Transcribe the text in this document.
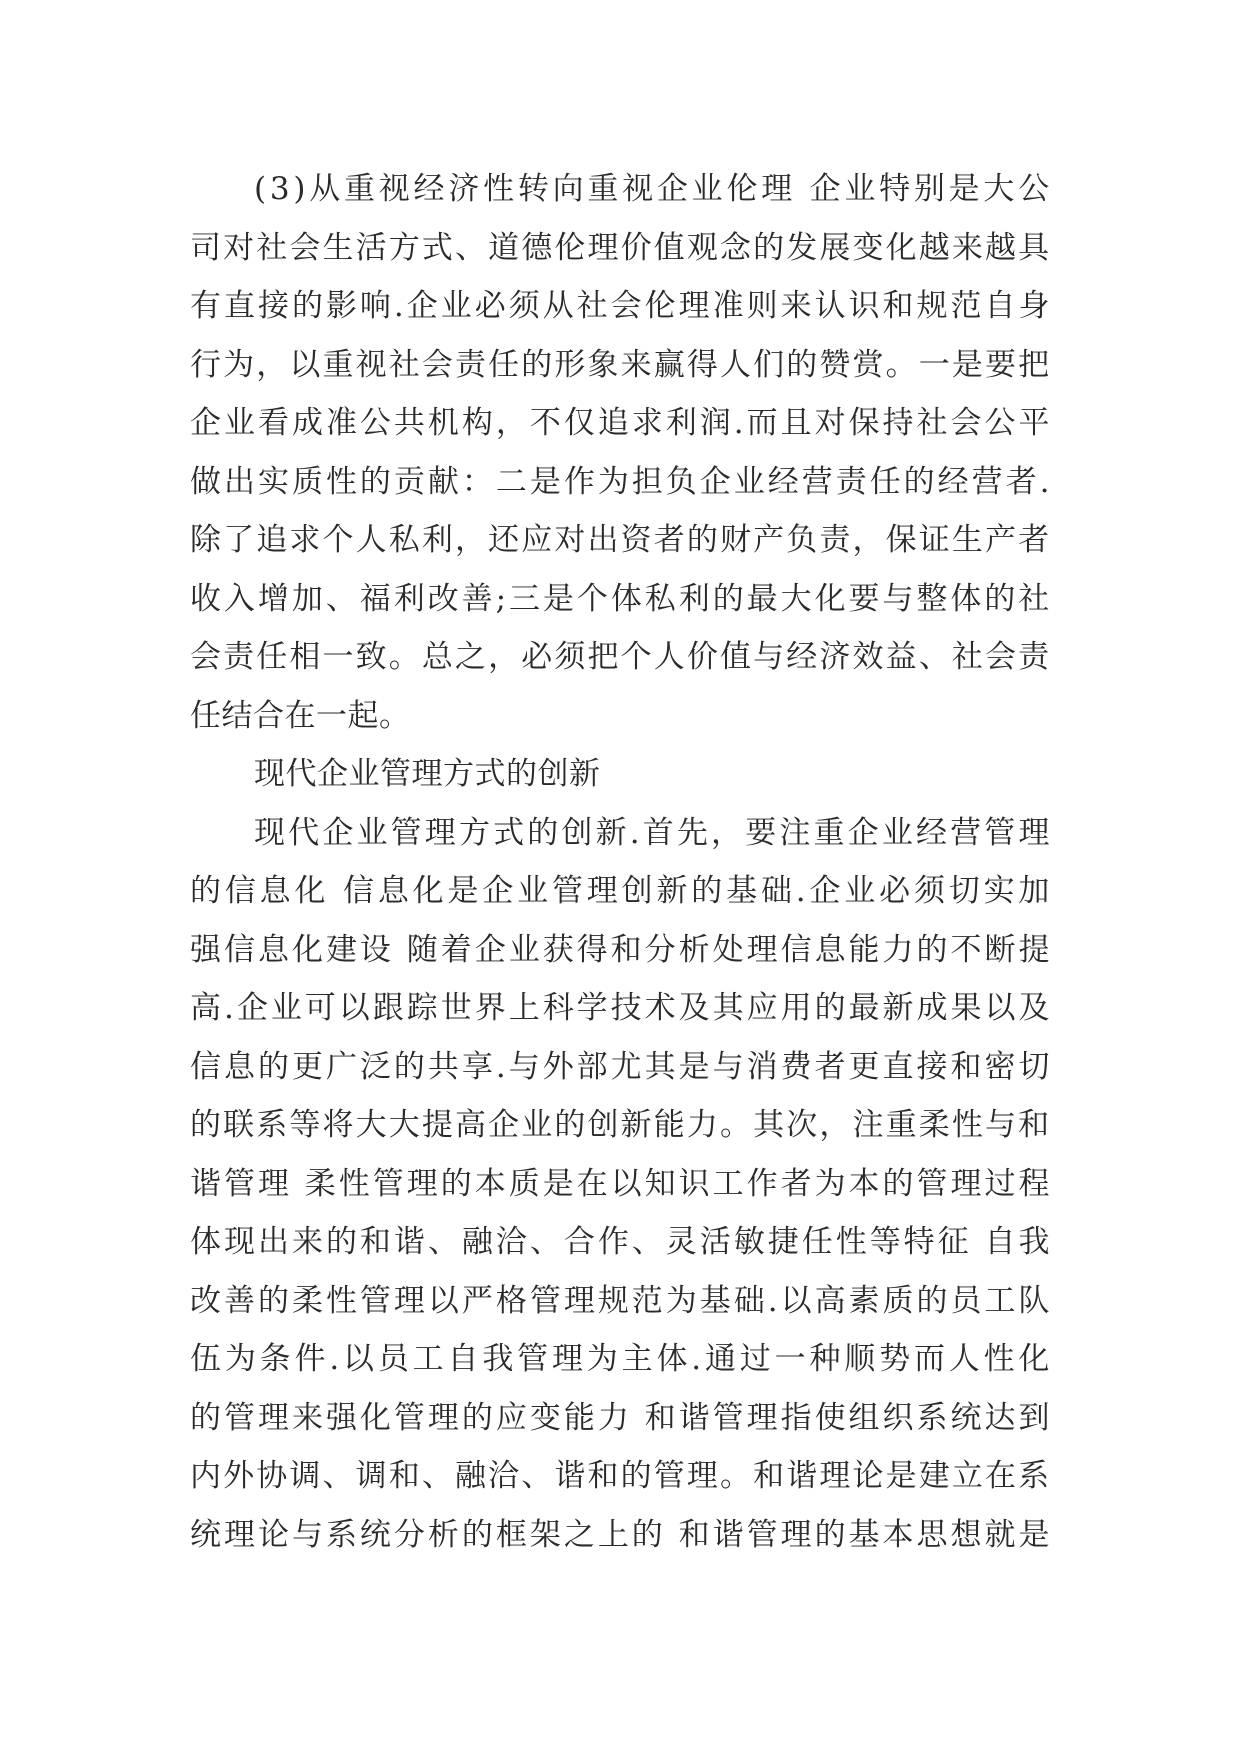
( 3 ) 从 重 视 经 济 性 转 向 重 视 企 业 伦 理
企 业 特 别 是 大 公
司 对 社 会 生 活 方 式 、 道 德 伦 理 价 值 观 念 的 发 展 变 化 越 来 越 具
有 直 接 的 影 响 . 企 业 必 须 从 社 会 伦 理 准 则 来 认 识 和 规 范 自 身
行 为 ， 以 重 视 社 会 责 任 的 形 象 来 赢 得 人 们 的 赞 赏 。 一 是 要 把
企 业 看 成 准 公 共 机 构 ， 不 仅 追 求 利 润 . 而 且 对 保 持 社 会 公 平
做 出 实 质 性 的 贡 献 ： 二 是 作 为 担 负 企 业 经 营 责 任 的 经 营 者 .
除 了 追 求 个 人 私 利 ， 还 应 对 出 资 者 的 财 产 负 责 ， 保 证 生 产 者
收 入 增 加 、 福 利 改 善 ; 三 是 个 体 私 利 的 最 大 化 要 与 整 体 的 社
会 责 任 相 一 致 。 总 之 ， 必 须 把 个 人 价 值 与 经 济 效 益 、 社 会 责
任结合在一起。
现代企业管理方式的创新
现 代 企 业 管 理 方 式 的 创 新 . 首 先 ， 要 注 重 企 业 经 营 管 理
的 信 息 化
信 息 化 是 企 业 管 理 创 新 的 基 础 . 企 业 必 须 切 实 加
强 信 息 化 建 设
随 着 企 业 获 得 和 分 析 处 理 信 息 能 力 的 不 断 提
高 . 企 业 可 以 跟 踪 世 界 上 科 学 技 术 及 其 应 用 的 最 新 成 果 以 及
信 息 的 更 广 泛 的 共 享 . 与 外 部 尤 其 是 与 消 费 者 更 直 接 和 密 切
的 联 系 等 将 大 大 提 高 企 业 的 创 新 能 力 。 其 次 ， 注 重 柔 性 与 和
谐 管 理
柔 性 管 理 的 本 质 是 在 以 知 识 工 作 者 为 本 的 管 理 过 程
体 现 出 来 的 和 谐 、 融 洽 、 合 作 、 灵 活 敏 捷 任 性 等 特 征
自 我
改 善 的 柔 性 管 理 以 严 格 管 理 规 范 为 基 础 . 以 高 素 质 的 员 工 队
伍 为 条 件 . 以 员 工 自 我 管 理 为 主 体 . 通 过 一 种 顺 势 而 人 性 化
的 管 理 来 强 化 管 理 的 应 变 能 力
和 谐 管 理 指 使 组 织 系 统 达 到
内 外 协 调 、 调 和 、 融 洽 、 谐 和 的 管 理 。 和 谐 理 论 是 建 立 在 系
统 理 论 与 系 统 分 析 的 框 架 之 上 的
和 谐 管 理 的 基 本 思 想 就 是
